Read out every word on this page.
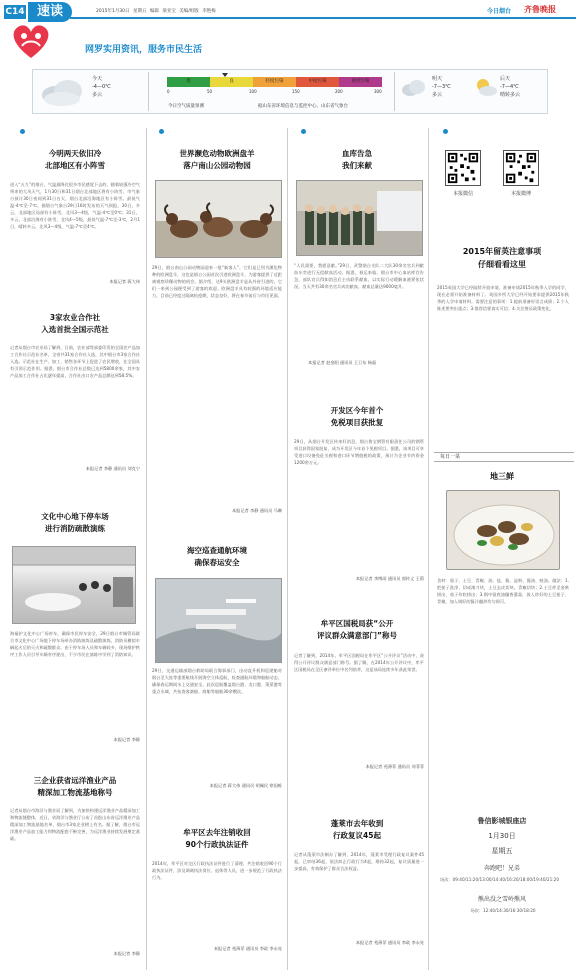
C14 速读	2015年1月30日 星期五 编辑 梁亚宝 美编/组版 李艳梅	今日烟台 齐鲁晚报
网罗实用资讯，服务市民生活
今天
-4—0℃
多云
优	良	轻度污染	中度污染	重度污染
0	50	100	150	200	300
今日空气质量预测	据山东省环境信息与监控中心、山东省气象台
明天
-7—3℃
多云
后天
-7—4℃
晴转多云
今明两天依旧冷
北部地区有小阵雪
进入“五九”的烟台，气温最降比很多市民感觉下去的。随着较强冷空气带来的大风天气，1月30日和31日烟台北部地区将有小阵雪，市气象台预计30日夜间到31日白天，烟台北部沿海地区有小阵雪。最低气温-4℃至-7℃。据烟台气象台29日16时发布的天气预报，30日，多云，北部地区局部有小阵雪，北风3—4级，气温-4℃至0℃；31日，多云，北部沿海有小阵雪，北风4—5级，最低气温-7℃至-3℃，2月1日，晴转多云，北风3—4级，气温-7℃至4℃。
本报记者 蒋大伟
3家农业合作社
入选首批全国示范社
记者从烟台市农业局了解到，日前，农业部等部委印发的全国农产品加工合作社示范社名单，全省共31家合作社入选，其中烟台市3家合作社入选。示范社在生产、加工、销售各环节上促进了农民增收，在全国具有引领示范作用。据悉，烟台市合作社总数已达到5800余家，其中农产品加工合作社占比逐年提高，合作社出口农产品总额达到58.5%。
本报记者 李静 通讯员 刘克宁
文化中心地下停车场
进行消防疏散演练
海福护文化中心广场停车，确保市民停车安全，29日烟台市城管局联合市文化中心广场地下停车场举办消防演练及疏散演练，消防员模拟车辆起火后的灭火和疏散群众。由于停车场人员和车辆较多，现场维护秩序工作人员引导车辆有序驶出，不少市民在演练中学到了消防知识。
本报记者 李静
三企业获省远洋渔业产品
精深加工物流基地称号
记者从烟台市海洋与渔业局了解到，为加快构建远洋渔业产品精深加工和物流链整体，近日，省海洋与渔业厅公布了首批山东省远洋渔业产品精深加工物流基地名单，烟台市3家企业榜上有名。据了解，烟台市远洋渔业产品加工能力和物流配套不断完善，为远洋渔业持续发展奠定基础。
本报记者 李静
世界濒危动物欧洲盘羊
落户南山公园动物园
29日，烟台南山公园动物园迎来一批“新客人”，它们是已列为濒危物种的欧洲盘羊，这也是烟台公园首次引进欧洲盘羊，为游客提供了近距离观察珍稀动物的机会。据介绍，这9头欧洲盘羊是从外省引进的，它们一来到公园便受到了游客的欢迎。欧洲盘羊具有较强的环境适应能力，目前已经度过隔离检疫期，状态良好，将在春节前后与市民见面。
本报记者 李静 通讯员 马琳
海空巡查通航环境
确保春运安全
29日，交通运输部烟台救助局联合海事部门，出动直升机和巡逻船对烟台至大连等重要航线开展海空立体巡航，检查通航环境和船舶动态，确保春运期间水上交通安全。此次巡航覆盖烟台港、龙口港、蓬莱港等重点水域，共检查客滚船、商船等船舶30余艘次。
本报记者 蒋大伟 通讯员 胡佩民 徐国栋
牟平区去年注销收回
90个行政执法证件
2014年，牟平区对全区行政执法证件进行了清理，共注销收回90个行政执法证件，涉及调离执法岗位、退休等人员，进一步规范了行政执法行为。
本报记者 苑薄菲 通讯员 李政 李永亮
血库告急
我们来献
“人民需要，我愿意献。”29日，武警烟台支队二大队30余名官兵到献血车旁进行无偿献血活动。据悉，春运来临，烟台市中心血站库存告急，部队官兵得知消息后主动联系献血，以实际行动缓解血液紧张状况。当天共有30余名官兵成功献血，献血总量达9000毫升。
本报记者 赵金阳 通讯员 王卫东 杨磊
开发区今年首个
免税项目获批复
29日，从烟台开发区传来好消息，烟台鲁宝钢管有限责任公司的钢管项目获得国家批复，成为开发区今年首个免税项目。据悉，该项目可享受进口设备免征关税和进口环节增值税的政策，预计为企业节约资金1200余万元。
本报记者 李博雨 通讯员 郭传义 王莉
牟平区国税局获“公开
评议群众满意部门”称号
记者了解到，2014年，牟平区国税局在牟平区“公开评议”活动中，获得公开评议群众满意部门称号。据了解，在2014年公开评议中，牟平区国税局在全区参评单位中名列前茅，这是该局连续多年获此荣誉。
本报记者 苑薄菲 通讯员 刘菲菲
蓬莱市去年收到
行政复议45起
记者从蓬莱市法制办了解到，2014年，蓬莱市受理行政复议案件45起，已审结36起，依法纠正行政行为4起，维持32起，复议质量进一步提高，有效保护了群众合法权益。
本报记者 苑薄菲 通讯员 李政 李永亮
本报微信	本报微博
2015年留英注意事项
仔细看看这里
2015英国大学已经陆续开放申请，准备申请2015年秋季入学的同学，现在必须开始准备材料了。英国多所大学已经开始要求提供2015年秋季的入学申请材料。需要注意的事项：1.提前准备好语言成绩；2.个人陈述要突出重点；3.推荐信要真实可信；4.关注签证政策变化。
每日一菜
地三鲜
食材：茄子、土豆、青椒、油、盐、酱、淀粉、酱油、蚝油。做法：1.把茄子洗净，切成滚刀块，土豆去皮切块，青椒切块；2.土豆炸至金黄捞出，茄子炸软捞出；3.锅中留底油爆香葱蒜，放入炸好的土豆茄子、青椒，加入调好的酱汁翻炒均匀即可。
鲁信影城银座店
1月30日
星期五
奔跑吧！兄弟
场次：09:40/11:20/13:00/14:40/16:20/18:00/19:40/21:20
熊出没之雪岭熊风
场次：12:40/14:30/16:30/18:20
